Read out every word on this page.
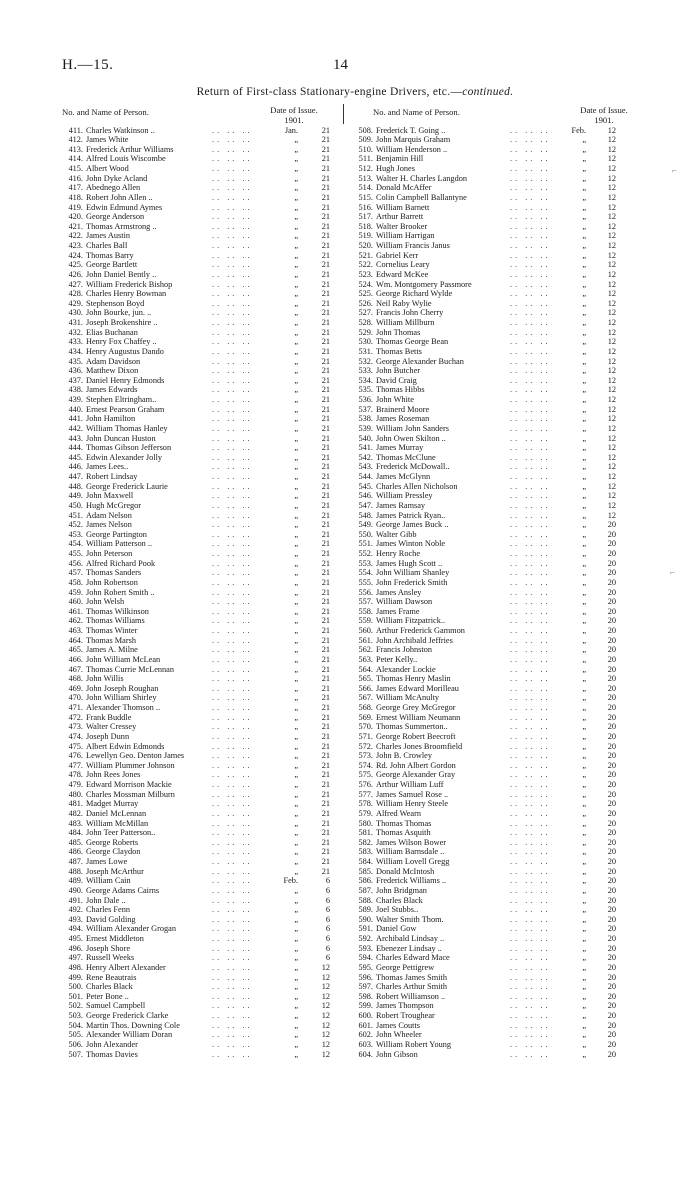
H.—15.	14
Return of First-class Stationary-engine Drivers, etc.—continued.
No. and Name of Person.	Date of Issue.
1901.
No. and Name of Person.	Date of Issue.
1901.
411. Charles Watkinson ..	Jan.	21
.. .. ..
412. James White	„	21
.. .. ..
413. Frederick Arthur Williams	„	21
.. .. ..
414. Alfred Louis Wiscombe	„	21
.. .. ..
415. Albert Wood	„	21
.. .. ..
416. John Dyke Acland	„	21
.. .. ..
417. Abednego Allen	„	21
.. .. ..
418. Robert John Allen ..	„	21
.. .. ..
419. Edwin Edmund Aymes	„	21
.. .. ..
420. George Anderson	„	21
.. .. ..
421. Thomas Armstrong ..	„	21
.. .. ..
422. James Austin	„	21
.. .. ..
423. Charles Ball	„	21
.. .. ..
424. Thomas Barry	„	21
.. .. ..
425. George Bartlett	„	21
.. .. ..
426. John Daniel Bently ..	„	21
.. .. ..
427. William Frederick Bishop	„	21
.. .. ..
428. Charles Henry Bowman	„	21
.. .. ..
429. Stephenson Boyd	„	21
.. .. ..
430. John Bourke, jun. ..	„	21
.. .. ..
431. Joseph Brokenshire ..	„	21
.. .. ..
432. Elias Buchanan	„	21
.. .. ..
433. Henry Fox Chaffey ..	„	21
.. .. ..
434. Henry Augustus Dando	„	21
.. .. ..
435. Adam Davidson	„	21
.. .. ..
436. Matthew Dixon	„	21
.. .. ..
437. Daniel Henry Edmonds	„	21
.. .. ..
438. James Edwards	„	21
.. .. ..
439. Stephen Eltringham..	„	21
.. .. ..
440. Ernest Pearson Graham	„	21
.. .. ..
441. John Hamilton	„	21
.. .. ..
442. William Thomas Hanley	„	21
.. .. ..
443. John Duncan Huston	„	21
.. .. ..
444. Thomas Gibson Jefferson	„	21
.. .. ..
445. Edwin Alexander Jolly	„	21
.. .. ..
446. James Lees..	„	21
.. .. ..
447. Robert Lindsay	„	21
.. .. ..
448. George Frederick Laurie	„	21
.. .. ..
449. John Maxwell	„	21
.. .. ..
450. Hugh McGregor	„	21
.. .. ..
451. Adam Nelson	„	21
.. .. ..
452. James Nelson	„	21
.. .. ..
453. George Partington	„	21
.. .. ..
454. William Patterson ..	„	21
.. .. ..
455. John Peterson	„	21
.. .. ..
456. Alfred Richard Pook	„	21
.. .. ..
457. Thomas Sanders	„	21
.. .. ..
458. John Robertson	„	21
.. .. ..
459. John Robert Smith ..	„	21
.. .. ..
460. John Welsh	„	21
.. .. ..
461. Thomas Wilkinson	„	21
.. .. ..
462. Thomas Williams	„	21
.. .. ..
463. Thomas Winter	„	21
.. .. ..
464. Thomas Marsh	„	21
.. .. ..
465. James A. Milne	„	21
.. .. ..
466. John William McLean	„	21
.. .. ..
467. Thomas Currie McLennan	„	21
.. .. ..
468. John Willis	„	21
.. .. ..
469. John Joseph Roughan	„	21
.. .. ..
470. John William Shirley	„	21
.. .. ..
471. Alexander Thomson ..	„	21
.. .. ..
472. Frank Buddle	„	21
.. .. ..
473. Walter Cressey	„	21
.. .. ..
474. Joseph Dunn	„	21
.. .. ..
475. Albert Edwin Edmonds	„	21
.. .. ..
476. Lewellyn Geo. Denton James	„	21
.. .. ..
477. William Plummer Johnson	„	21
.. .. ..
478. John Rees Jones	„	21
.. .. ..
479. Edward Morrison Mackie	„	21
.. .. ..
480. Charles Mossman Milburn	„	21
.. .. ..
481. Madget Murray	„	21
.. .. ..
482. Daniel McLennan	„	21
.. .. ..
483. William McMillan	„	21
.. .. ..
484. John Teer Patterson..	„	21
.. .. ..
485. George Roberts	„	21
.. .. ..
486. George Claydon	„	21
.. .. ..
487. James Lowe	„	21
.. .. ..
488. Joseph McArthur	„	21
.. .. ..
489. William Cain	Feb.	6
.. .. ..
490. George Adams Cairns	„	6
.. .. ..
491. John Dale ..	„	6
.. .. ..
492. Charles Fenn	„	6
.. .. ..
493. David Golding	„	6
.. .. ..
494. William Alexander Grogan	„	6
.. .. ..
495. Ernest Middleton	„	6
.. .. ..
496. Joseph Shore	„	6
.. .. ..
497. Russell Weeks	„	6
.. .. ..
498. Henry Albert Alexander	„	12
.. .. ..
499. Rene Beautrais	„	12
.. .. ..
500. Charles Black	„	12
.. .. ..
501. Peter Bone ..	„	12
.. .. ..
502. Samuel Campbell	„	12
.. .. ..
503. George Frederick Clarke	„	12
.. .. ..
504. Martin Thos. Downing Cole	„	12
.. .. ..
505. Alexander William Doran	„	12
.. .. ..
506. John Alexander	„	12
.. .. ..
507. Thomas Davies	„	12
.. .. ..
508. Frederick T. Going ..	Feb.	12
.. .. ..
509. John Marquis Graham	„	12
.. .. ..
510. William Henderson ..	„	12
.. .. ..
511. Benjamin Hill	„	12
.. .. ..
512. Hugh Jones	„	12
.. .. ..
513. Walter H. Charles Langdon	„	12
.. .. ..
514. Donald McAffer	„	12
.. .. ..
515. Colin Campbell Ballantyne	„	12
.. .. ..
516. William Barnett	„	12
.. .. ..
517. Arthur Barrett	„	12
.. .. ..
518. Walter Brooker	„	12
.. .. ..
519. William Harrigan	„	12
.. .. ..
520. William Francis Janus	„	12
.. .. ..
521. Gabriel Kerr	„	12
.. .. ..
522. Cornelius Leary	„	12
.. .. ..
523. Edward McKee	„	12
.. .. ..
524. Wm. Montgomery Passmore	„	12
.. .. ..
525. George Richard Wylde	„	12
.. .. ..
526. Neil Raby Wylie	„	12
.. .. ..
527. Francis John Cherry	„	12
.. .. ..
528. William Millburn	„	12
.. .. ..
529. John Thomas	„	12
.. .. ..
530. Thomas George Bean	„	12
.. .. ..
531. Thomas Betts	„	12
.. .. ..
532. George Alexander Buchan	„	12
.. .. ..
533. John Butcher	„	12
.. .. ..
534. David Craig	„	12
.. .. ..
535. Thomas Hibbs	„	12
.. .. ..
536. John White	„	12
.. .. ..
537. Brainerd Moore	„	12
.. .. ..
538. James Roseman	„	12
.. .. ..
539. William John Sanders	„	12
.. .. ..
540. John Owen Skilton ..	„	12
.. .. ..
541. James Murray	„	12
.. .. ..
542. Thomas McClune	„	12
.. .. ..
543. Frederick McDowall..	„	12
.. .. ..
544. James McGlynn	„	12
.. .. ..
545. Charles Allen Nicholson	„	12
.. .. ..
546. William Pressley	„	12
.. .. ..
547. James Ramsay	„	12
.. .. ..
548. James Patrick Ryan..	„	12
.. .. ..
549. George James Buck ..	„	20
.. .. ..
550. Walter Gibb	„	20
.. .. ..
551. James Winton Noble	„	20
.. .. ..
552. Henry Roche	„	20
.. .. ..
553. James Hugh Scott ..	„	20
.. .. ..
554. John William Shanley	„	20
.. .. ..
555. John Frederick Smith	„	20
.. .. ..
556. James Ansley	„	20
.. .. ..
557. William Dawson	„	20
.. .. ..
558. James Frame	„	20
.. .. ..
559. William Fitzpatrick..	„	20
.. .. ..
560. Arthur Frederick Gammon	„	20
.. .. ..
561. John Archibald Jeffries	„	20
.. .. ..
562. Francis Johnston	„	20
.. .. ..
563. Peter Kelly..	„	20
.. .. ..
564. Alexander Lockie	„	20
.. .. ..
565. Thomas Henry Maslin	„	20
.. .. ..
566. James Edward Morilleau	„	20
.. .. ..
567. William McAnulty	„	20
.. .. ..
568. George Grey McGregor	„	20
.. .. ..
569. Ernest William Neumann	„	20
.. .. ..
570. Thomas Summerton..	„	20
.. .. ..
571. George Robert Beecroft	„	20
.. .. ..
572. Charles Jones Broomfield	„	20
.. .. ..
573. John B. Crowley	„	20
.. .. ..
574. Rd. John Albert Gordon	„	20
.. .. ..
575. George Alexander Gray	„	20
.. .. ..
576. Arthur William Luff	„	20
.. .. ..
577. James Samuel Rose ..	„	20
.. .. ..
578. William Henry Steele	„	20
.. .. ..
579. Alfred Wearn	„	20
.. .. ..
580. Thomas Thomas	„	20
.. .. ..
581. Thomas Asquith	„	20
.. .. ..
582. James Wilson Bower	„	20
.. .. ..
583. William Barnsdale ..	„	20
.. .. ..
584. William Lovell Gregg	„	20
.. .. ..
585. Donald McIntosh	„	20
.. .. ..
586. Frederick Williams ..	„	20
.. .. ..
587. John Bridgman	„	20
.. .. ..
588. Charles Black	„	20
.. .. ..
589. Joel Stubbs..	„	20
.. .. ..
590. Walter Smith Thom.	„	20
.. .. ..
591. Daniel Gow	„	20
.. .. ..
592. Archibald Lindsay ..	„	20
.. .. ..
593. Ebenezer Lindsay ..	„	20
.. .. ..
594. Charles Edward Mace	„	20
.. .. ..
595. George Pettigrew	„	20
.. .. ..
596. Thomas James Smith	„	20
.. .. ..
597. Charles Arthur Smith	„	20
.. .. ..
598. Robert Williamson ..	„	20
.. .. ..
599. James Thompson	„	20
.. .. ..
600. Robert Troughear	„	20
.. .. ..
601. James Coutts	„	20
.. .. ..
602. John Wheeler	„	20
.. .. ..
603. William Robert Young	„	20
.. .. ..
604. John Gibson	„	20
.. .. ..
⌐
⌐
